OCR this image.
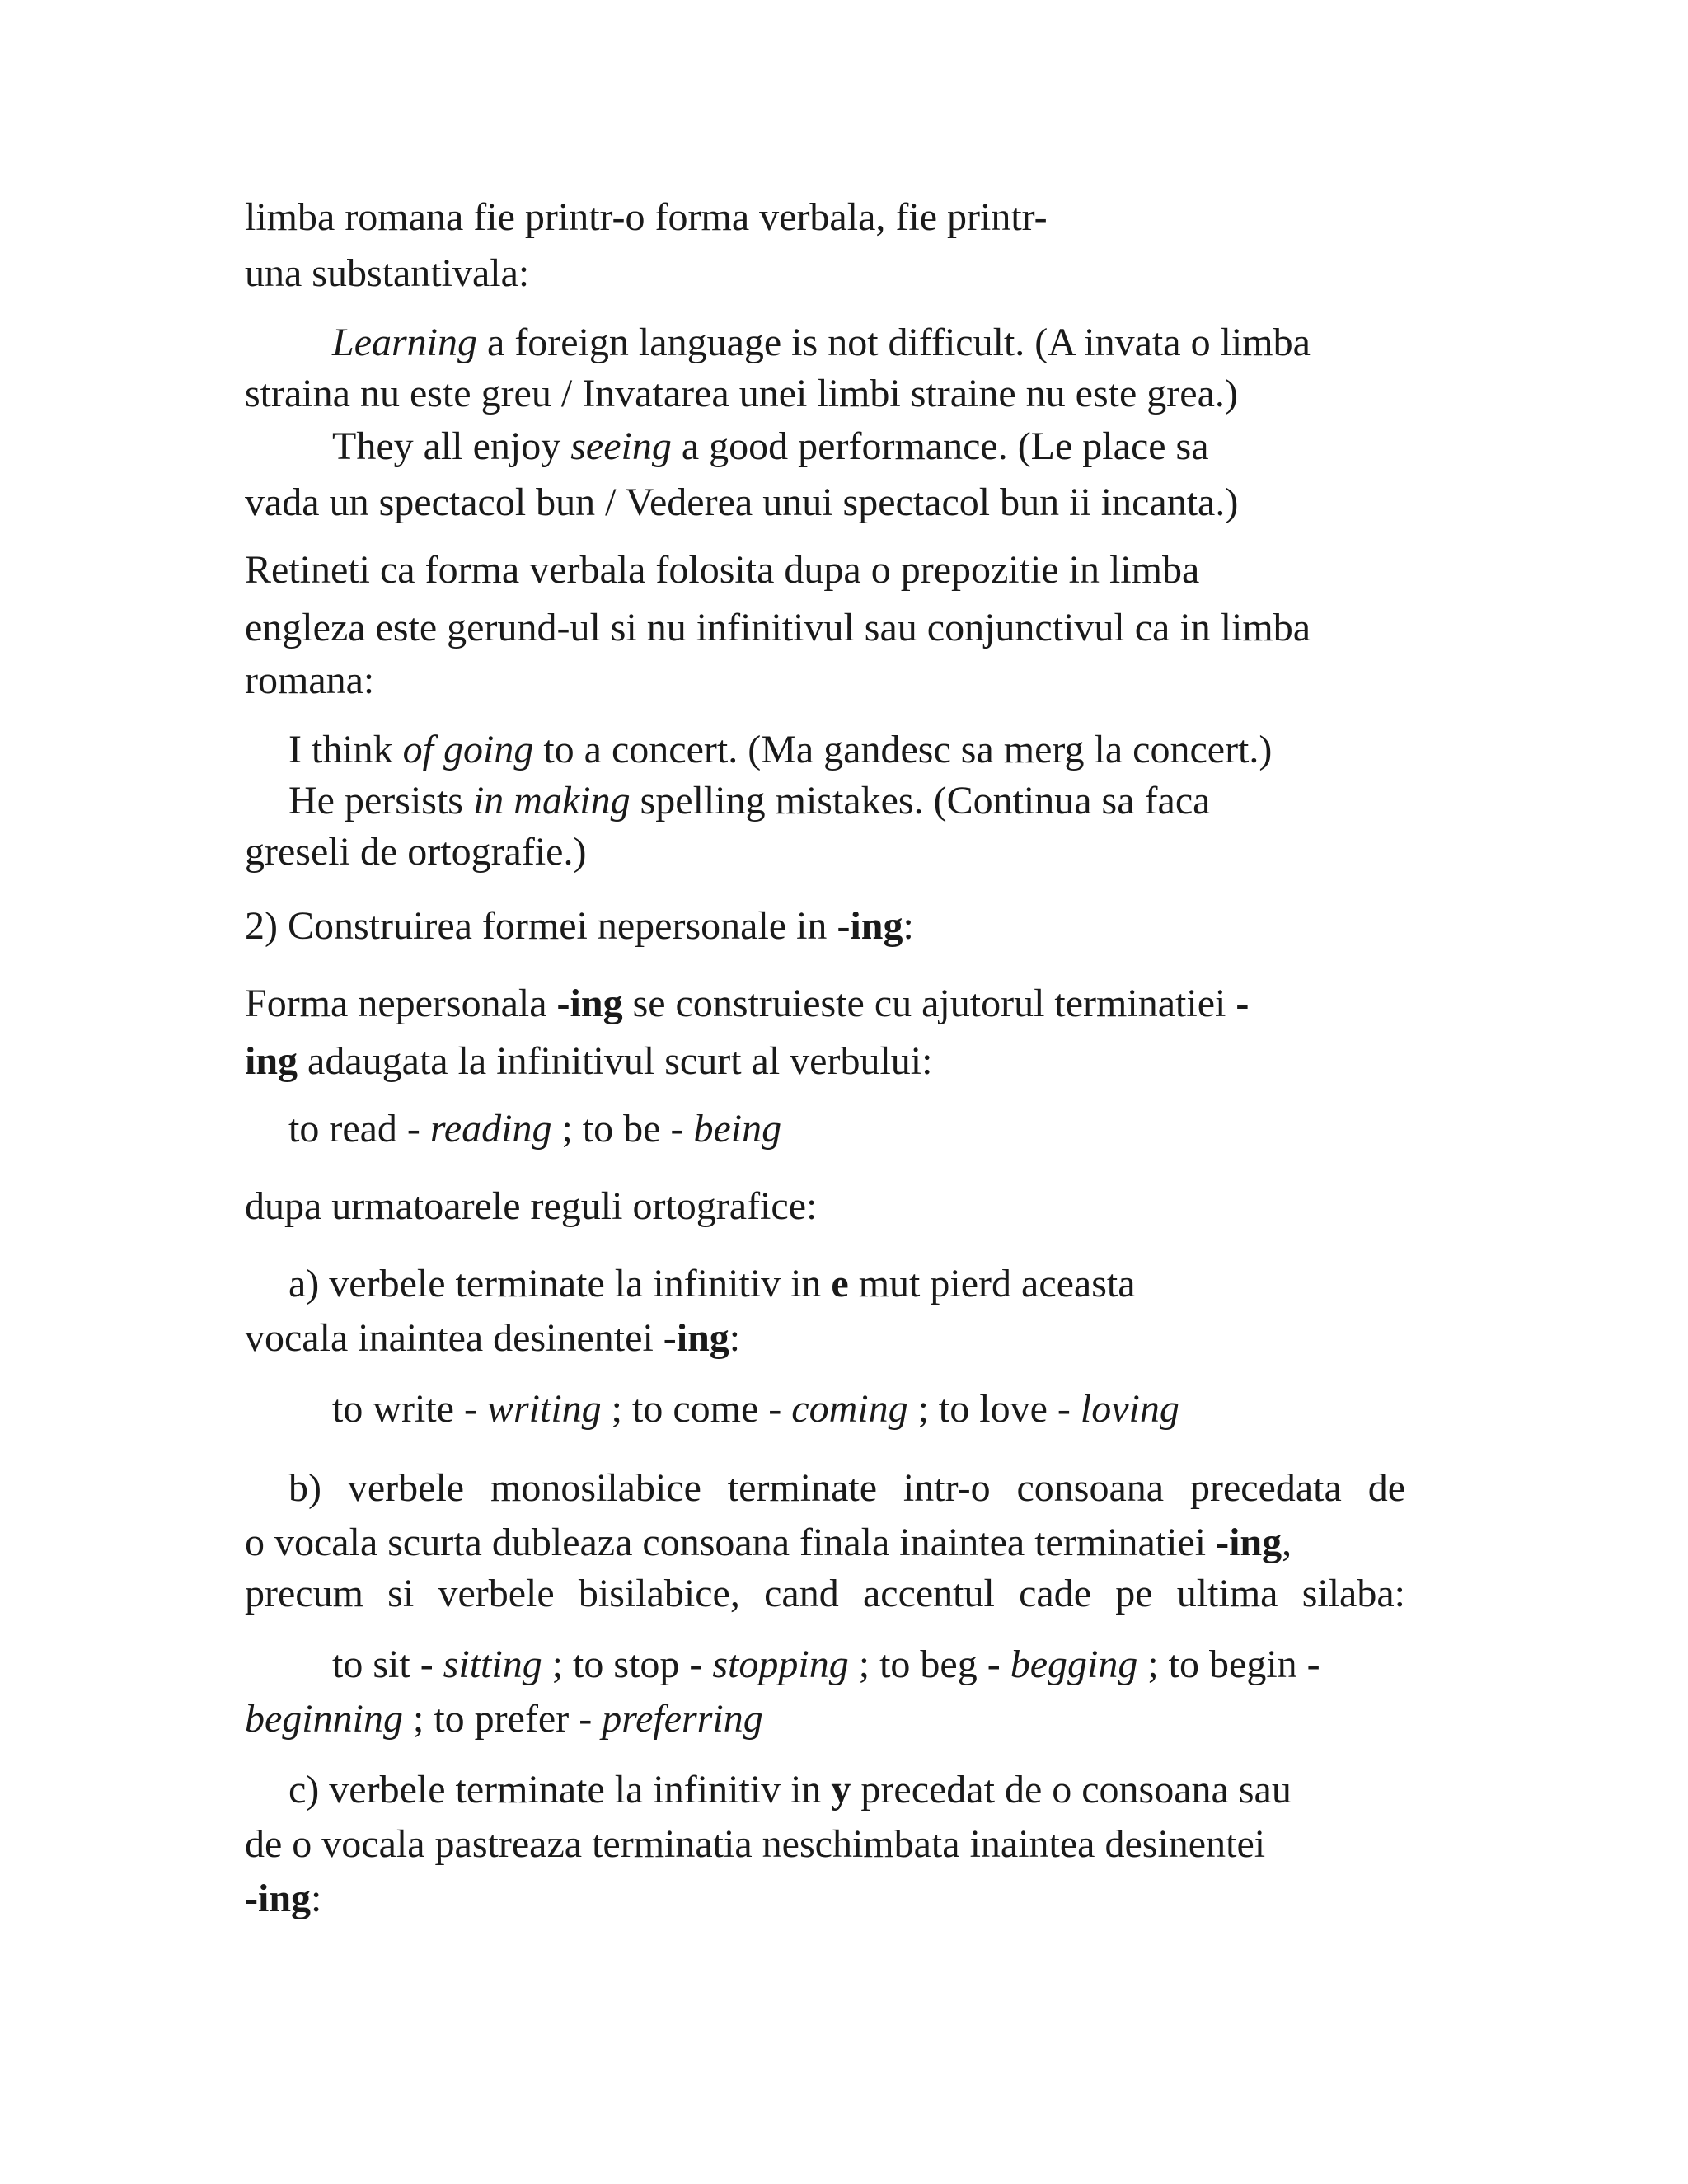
limba romana fie printr-o forma verbala, fie printr-
una substantivala:
Learning a foreign language is not difficult. (A invata o limba
straina nu este greu / Invatarea unei limbi straine nu este grea.)
They all enjoy seeing a good performance. (Le place sa
vada un spectacol bun / Vederea unui spectacol bun ii incanta.)
Retineti ca forma verbala folosita dupa o prepozitie in limba
engleza este gerund-ul si nu infinitivul sau conjunctivul ca in limba
romana:
I think of going to a concert. (Ma gandesc sa merg la concert.)
He persists in making spelling mistakes. (Continua sa faca
greseli de ortografie.)
2) Construirea formei nepersonale in -ing:
Forma nepersonala -ing se construieste cu ajutorul terminatiei -
ing adaugata la infinitivul scurt al verbului:
to read - reading ; to be - being
dupa urmatoarele reguli ortografice:
a) verbele terminate la infinitiv in e mut pierd aceasta
vocala inaintea desinentei -ing:
to write - writing ; to come - coming ; to love - loving
b) verbele monosilabice terminate intr-o consoana precedata de
o vocala scurta dubleaza consoana finala inaintea terminatiei -ing,
precum si verbele bisilabice, cand accentul cade pe ultima silaba:
to sit - sitting ; to stop - stopping ; to beg - begging ; to begin -
beginning ; to prefer - preferring
c) verbele terminate la infinitiv in y precedat de o consoana sau
de o vocala pastreaza terminatia neschimbata inaintea desinentei
-ing:
